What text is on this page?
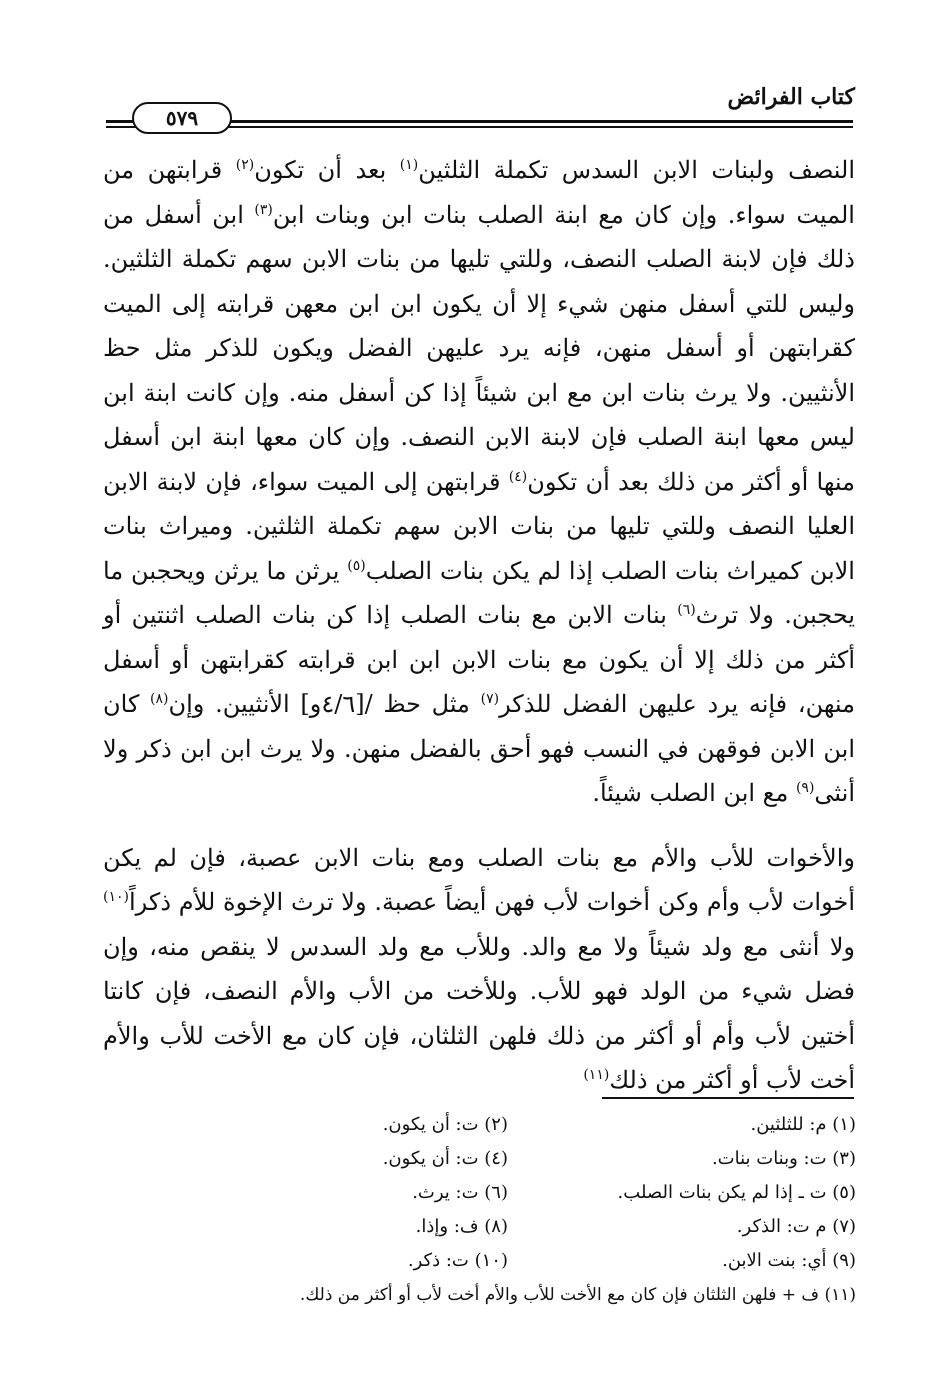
كتاب الفرائض
٥٧٩

النصف ولبنات الابن السدس تكملة الثلثين$^{(١)}$ بعد أن تكون$^{(٢)}$ قرابتهن من الميت سواء. وإن كان مع ابنة الصلب بنات ابن وبنات ابن$^{(٣)}$ ابن أسفل من ذلك فإن لابنة الصلب النصف، وللتي تليها من بنات الابن سهم تكملة الثلثين. وليس للتي أسفل منهن شيء إلا أن يكون ابن ابن معهن قرابته إلى الميت كقرابتهن أو أسفل منهن، فإنه يرد عليهن الفضل ويكون للذكر مثل حظ الأنثيين. ولا يرث بنات ابن مع ابن شيئاً إذا كن أسفل منه. وإن كانت ابنة ابن ليس معها ابنة الصلب فإن لابنة الابن النصف. وإن كان معها ابنة ابن أسفل منها أو أكثر من ذلك بعد أن تكون$^{(٤)}$ قرابتهن إلى الميت سواء، فإن لابنة الابن العليا النصف وللتي تليها من بنات الابن سهم تكملة الثلثين. وميراث بنات الابن كميراث بنات الصلب إذا لم يكن بنات الصلب$^{(٥)}$ يرثن ما يرثن ويحجبن ما يحجبن. ولا ترث$^{(٦)}$ بنات الابن مع بنات الصلب إذا كن بنات الصلب اثنتين أو أكثر من ذلك إلا أن يكون مع بنات الابن ابن ابن قرابته كقرابتهن أو أسفل منهن، فإنه يرد عليهن الفضل للذكر$^{(٧)}$ مثل حظ /[٤/٦و] الأنثيين. وإن$^{(٨)}$ كان ابن الابن فوقهن في النسب فهو أحق بالفضل منهن. ولا يرث ابن ابن ذكر ولا أنثى$^{(٩)}$ مع ابن الصلب شيئاً.

والأخوات للأب والأم مع بنات الصلب ومع بنات الابن عصبة، فإن لم يكن أخوات لأب وأم وكن أخوات لأب فهن أيضاً عصبة. ولا ترث الإخوة للأم ذكراً$^{(١٠)}$ ولا أنثى مع ولد شيئاً ولا مع والد. وللأب مع ولد السدس لا ينقص منه، وإن فضل شيء من الولد فهو للأب. وللأخت من الأب والأم النصف، فإن كانتا أختين لأب وأم أو أكثر من ذلك فلهن الثلثان، فإن كان مع الأخت للأب والأم أخت لأب أو أكثر من ذلك$^{(١١)}$

(١) م: للثلثين.
(٢) ت: أن يكون.
(٣) ت: وبنات بنات.
(٤) ت: أن يكون.
(٥) ت ـ إذا لم يكن بنات الصلب.
(٦) ت: يرث.
(٧) م ت: الذكر.
(٨) ف: وإذا.
(٩) أي: بنت الابن.
(١٠) ت: ذكر.
(١١) ف + فلهن الثلثان فإن كان مع الأخت للأب والأم أخت لأب أو أكثر من ذلك.
